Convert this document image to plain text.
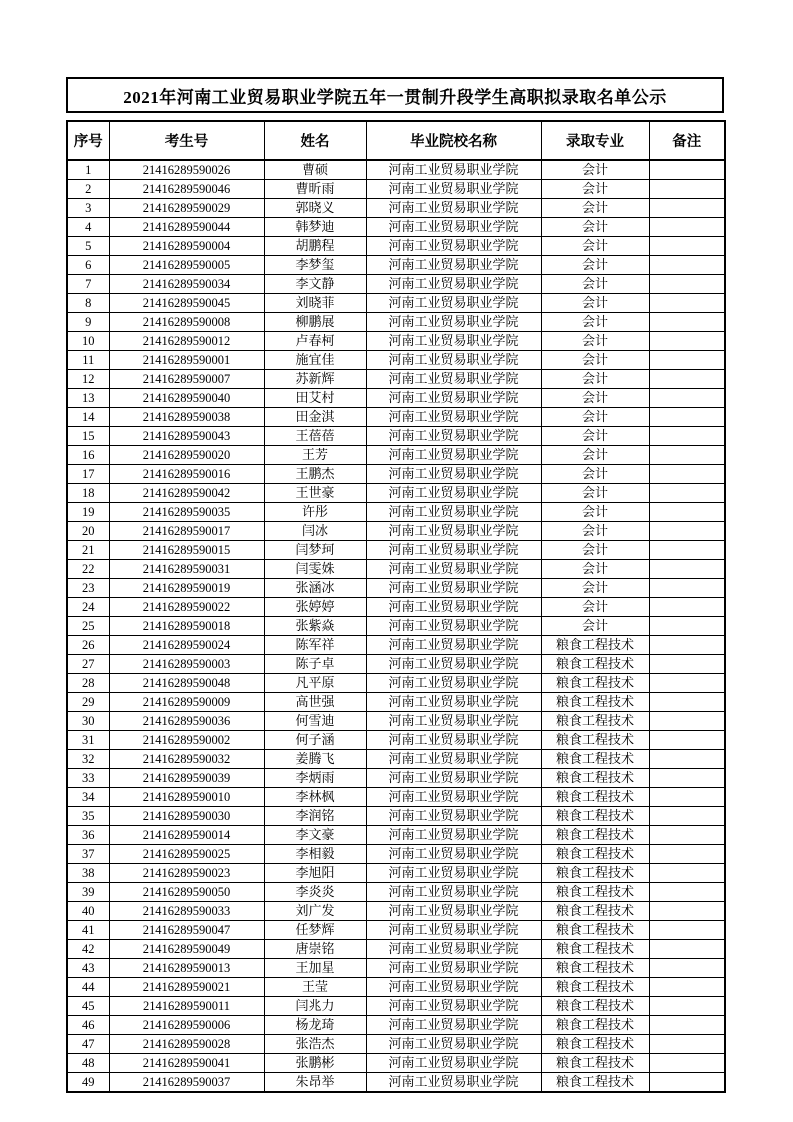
2021年河南工业贸易职业学院五年一贯制升段学生高职拟录取名单公示
序号	考生号	姓名	毕业院校名称	录取专业	备注
1	21416289590026	曹硕	河南工业贸易职业学院	会计	
2	21416289590046	曹昕雨	河南工业贸易职业学院	会计	
3	21416289590029	郭晓义	河南工业贸易职业学院	会计	
4	21416289590044	韩梦迪	河南工业贸易职业学院	会计	
5	21416289590004	胡鹏程	河南工业贸易职业学院	会计	
6	21416289590005	李梦玺	河南工业贸易职业学院	会计	
7	21416289590034	李文静	河南工业贸易职业学院	会计	
8	21416289590045	刘晓菲	河南工业贸易职业学院	会计	
9	21416289590008	柳鹏展	河南工业贸易职业学院	会计	
10	21416289590012	卢春柯	河南工业贸易职业学院	会计	
11	21416289590001	施宜佳	河南工业贸易职业学院	会计	
12	21416289590007	苏新辉	河南工业贸易职业学院	会计	
13	21416289590040	田艾村	河南工业贸易职业学院	会计	
14	21416289590038	田金淇	河南工业贸易职业学院	会计	
15	21416289590043	王蓓蓓	河南工业贸易职业学院	会计	
16	21416289590020	王芳	河南工业贸易职业学院	会计	
17	21416289590016	王鹏杰	河南工业贸易职业学院	会计	
18	21416289590042	王世豪	河南工业贸易职业学院	会计	
19	21416289590035	许彤	河南工业贸易职业学院	会计	
20	21416289590017	闫冰	河南工业贸易职业学院	会计	
21	21416289590015	闫梦珂	河南工业贸易职业学院	会计	
22	21416289590031	闫雯姝	河南工业贸易职业学院	会计	
23	21416289590019	张涵冰	河南工业贸易职业学院	会计	
24	21416289590022	张婷婷	河南工业贸易职业学院	会计	
25	21416289590018	张紫焱	河南工业贸易职业学院	会计	
26	21416289590024	陈军祥	河南工业贸易职业学院	粮食工程技术	
27	21416289590003	陈子卓	河南工业贸易职业学院	粮食工程技术	
28	21416289590048	凡平原	河南工业贸易职业学院	粮食工程技术	
29	21416289590009	高世强	河南工业贸易职业学院	粮食工程技术	
30	21416289590036	何雪迪	河南工业贸易职业学院	粮食工程技术	
31	21416289590002	何子涵	河南工业贸易职业学院	粮食工程技术	
32	21416289590032	姜腾飞	河南工业贸易职业学院	粮食工程技术	
33	21416289590039	李炳雨	河南工业贸易职业学院	粮食工程技术	
34	21416289590010	李林枫	河南工业贸易职业学院	粮食工程技术	
35	21416289590030	李润铭	河南工业贸易职业学院	粮食工程技术	
36	21416289590014	李文豪	河南工业贸易职业学院	粮食工程技术	
37	21416289590025	李相毅	河南工业贸易职业学院	粮食工程技术	
38	21416289590023	李旭阳	河南工业贸易职业学院	粮食工程技术	
39	21416289590050	李炎炎	河南工业贸易职业学院	粮食工程技术	
40	21416289590033	刘广发	河南工业贸易职业学院	粮食工程技术	
41	21416289590047	任梦辉	河南工业贸易职业学院	粮食工程技术	
42	21416289590049	唐崇铭	河南工业贸易职业学院	粮食工程技术	
43	21416289590013	王加星	河南工业贸易职业学院	粮食工程技术	
44	21416289590021	王莹	河南工业贸易职业学院	粮食工程技术	
45	21416289590011	闫兆力	河南工业贸易职业学院	粮食工程技术	
46	21416289590006	杨龙琦	河南工业贸易职业学院	粮食工程技术	
47	21416289590028	张浩杰	河南工业贸易职业学院	粮食工程技术	
48	21416289590041	张鹏彬	河南工业贸易职业学院	粮食工程技术	
49	21416289590037	朱昂举	河南工业贸易职业学院	粮食工程技术	
